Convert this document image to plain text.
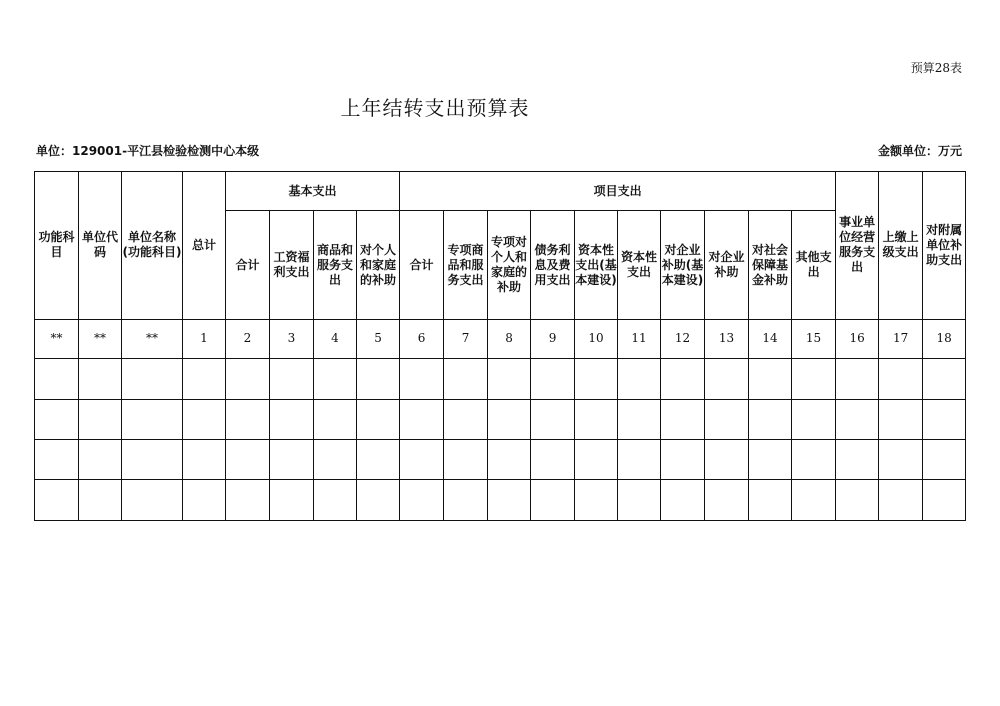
预算28表
上年结转支出预算表
单位：129001-平江县检验检测中心本级	金额单位：万元
功能科目	单位代码	单位名称(功能科目)	总计	基本支出				项目支出										事业单位经营服务支出	上缴上级支出	对附属单位补助支出
				合计	工资福利支出	商品和服务支出	对个人和家庭的补助	合计	专项商品和服务支出	专项对个人和家庭的补助	债务利息及费用支出	资本性支出(基本建设)	资本性支出	对企业补助(基本建设)	对企业补助	对社会保障基金补助	其他支出			
**	**	**	1	2	3	4	5	6	7	8	9	10	11	12	13	14	15	16	17	18
